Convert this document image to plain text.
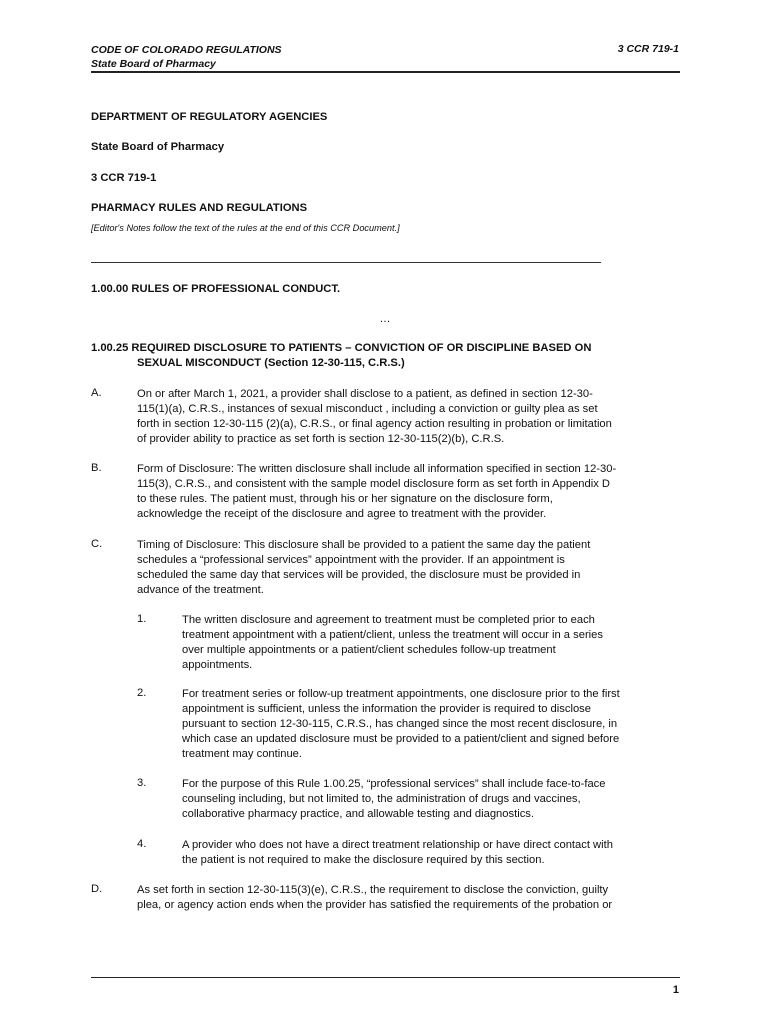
CODE OF COLORADO REGULATIONS
State Board of Pharmacy
3 CCR 719-1
DEPARTMENT OF REGULATORY AGENCIES
State Board of Pharmacy
3 CCR 719-1
PHARMACY RULES AND REGULATIONS
[Editor's Notes follow the text of the rules at the end of this CCR Document.]
1.00.00 RULES OF PROFESSIONAL CONDUCT.
…
1.00.25 REQUIRED DISCLOSURE TO PATIENTS – CONVICTION OF OR DISCIPLINE BASED ON
SEXUAL MISCONDUCT (Section 12-30-115, C.R.S.)
A.	On or after March 1, 2021, a provider shall disclose to a patient, as defined in section 12-30-
115(1)(a), C.R.S., instances of sexual misconduct , including a conviction or guilty plea as set
forth in section 12-30-115 (2)(a), C.R.S., or final agency action resulting in probation or limitation
of provider ability to practice as set forth is section 12-30-115(2)(b), C.R.S.
B.	Form of Disclosure: The written disclosure shall include all information specified in section 12-30-
115(3), C.R.S., and consistent with the sample model disclosure form as set forth in Appendix D
to these rules. The patient must, through his or her signature on the disclosure form,
acknowledge the receipt of the disclosure and agree to treatment with the provider.
C.	Timing of Disclosure: This disclosure shall be provided to a patient the same day the patient
schedules a “professional services” appointment with the provider. If an appointment is
scheduled the same day that services will be provided, the disclosure must be provided in
advance of the treatment.
1.	The written disclosure and agreement to treatment must be completed prior to each
treatment appointment with a patient/client, unless the treatment will occur in a series
over multiple appointments or a patient/client schedules follow-up treatment
appointments.
2.	For treatment series or follow-up treatment appointments, one disclosure prior to the first
appointment is sufficient, unless the information the provider is required to disclose
pursuant to section 12-30-115, C.R.S., has changed since the most recent disclosure, in
which case an updated disclosure must be provided to a patient/client and signed before
treatment may continue.
3.	For the purpose of this Rule 1.00.25, “professional services” shall include face-to-face
counseling including, but not limited to, the administration of drugs and vaccines,
collaborative pharmacy practice, and allowable testing and diagnostics.
4.	A provider who does not have a direct treatment relationship or have direct contact with
the patient is not required to make the disclosure required by this section.
D.	As set forth in section 12-30-115(3)(e), C.R.S., the requirement to disclose the conviction, guilty
plea, or agency action ends when the provider has satisfied the requirements of the probation or
1
